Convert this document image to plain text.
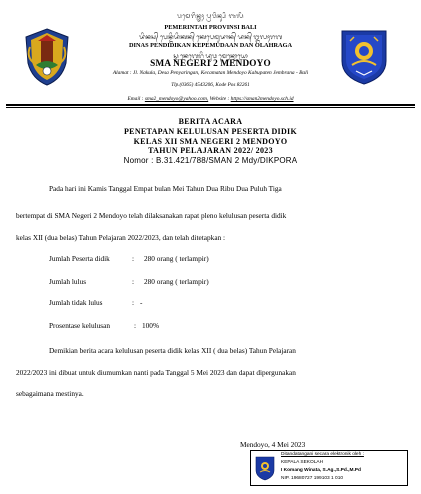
ᬧᬫᬾᬭᬶᬦ᭄ᬢᬄ ᬧ᭄ᬭᬯᬶᬦ᭄ᬲᬶ ᬩᬮᬶ
PEMERINTAH PROVINSI BALI
ᬤᬶᬦᬲ᭄ ᬧᬾᬦ᭄ᬤᬶᬤᬶᬓᬦ᭄ ᬓᬾᬧᬾᬫᬸᬤᬵᬦ᭄ ᬤᬦ᭄ ᬑᬮᬄᬭᬕ
DINAS PENDIDIKAN KEPEMUDAAN DAN OLAHRAGA
ᬲ᭄ᬫ ᬦᬾᬕᬾᬭᬶ ᬤᬸᬯ ᬫᬾᬦ᭄ᬤᭀᬬᭀ
SMA NEGERI 2 MENDOYO
Alamat : Jl. Nakula, Desa Penyaringan, Kecamatan Mendoyo Kabupaten Jembrana - Bali
Tlp.(0365) 4543206, Kode Pos 82261
Email : sma2_mendoyo@yahoo.com, Website : https://sman2mendoyo.sch.id
BERITA ACARA
PENETAPAN KELULUSAN PESERTA DIDIK
KELAS XII SMA NEGERI 2 MENDOYO
TAHUN PELAJARAN 2022/ 2023
Nomor : B.31.421/788/SMAN 2 Mdy/DIKPORA
Pada hari ini Kamis Tanggal Empat bulan Mei Tahun Dua Ribu Dua Puluh Tiga
bertempat di SMA Negeri 2 Mendoyo telah dilaksanakan rapat pleno kelulusan peserta didik
kelas XII (dua belas) Tahun Pelajaran 2022/2023, dan telah ditetapkan :
Jumlah Peserta didik	: 280 orang ( terlampir)
Jumlah lulus	: 280 orang ( terlampir)
Jumlah tidak lulus	: -
Prosentase kelulusan	: 100%
Demikian berita acara kelulusan peserta didik kelas XII ( dua belas) Tahun Pelajaran
2022/2023 ini dibuat untuk diumumkan nanti pada Tanggal 5 Mei 2023 dan dapat dipergunakan
sebagaimana mestinya.
Mendoyo, 4 Mei 2023
Ditandatangani secara elektronik oleh :
KEPALA SEKOLAH
I Komang Winata, S.Ag.,S.Pd.,M.Pd
NIP. 19680727 199103 1 010
